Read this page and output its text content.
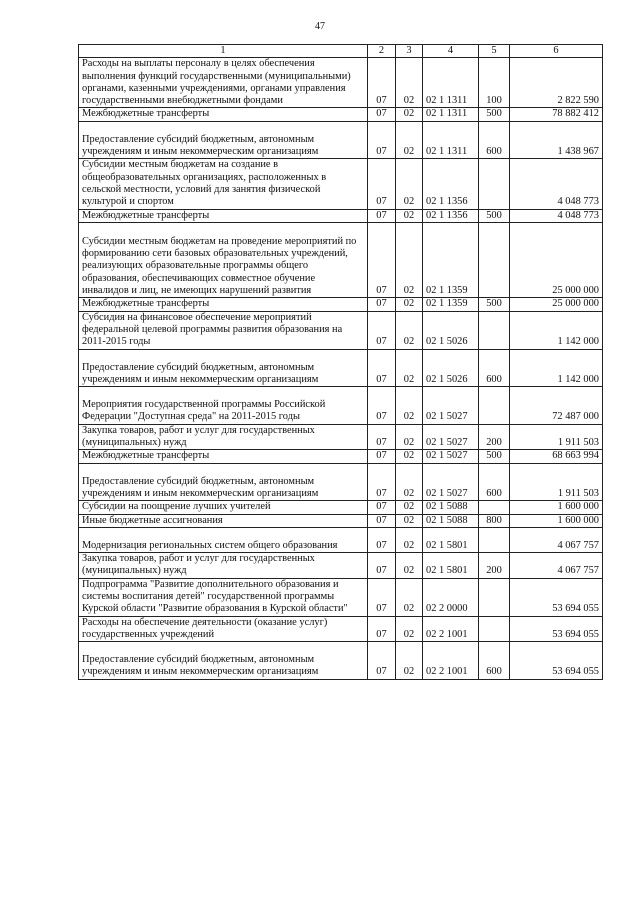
47
1	2	3	4	5	6
Расходы на выплаты персоналу в целях обеспечения выполнения функций государственными (муниципальными) органами, казенными учреждениями, органами управления государственными внебюджетными фондами	07	02	02 1 1311	100	2 822 590
Межбюджетные трансферты	07	02	02 1 1311	500	78 882 412

Предоставление субсидий бюджетным, автономным учреждениям и иным некоммерческим организациям	07	02	02 1 1311	600	1 438 967
Субсидии местным бюджетам на создание в общеобразовательных организациях, расположенных в сельской местности, условий для занятия физической культурой и спортом	07	02	02 1 1356		4 048 773
Межбюджетные трансферты	07	02	02 1 1356	500	4 048 773

Субсидии местным бюджетам на проведение мероприятий по формированию сети базовых образовательных учреждений, реализующих образовательные программы общего образования, обеспечивающих совместное обучение инвалидов и лиц, не имеющих нарушений развития	07	02	02 1 1359		25 000 000
Межбюджетные трансферты	07	02	02 1 1359	500	25 000 000
Субсидия на финансовое обеспечение мероприятий федеральной целевой программы развития образования на 2011-2015 годы	07	02	02 1 5026		1 142 000

Предоставление субсидий бюджетным, автономным учреждениям и иным некоммерческим организациям	07	02	02 1 5026	600	1 142 000

Мероприятия государственной программы Российской Федерации "Доступная среда" на 2011-2015 годы	07	02	02 1 5027		72 487 000
Закупка товаров, работ и услуг для государственных (муниципальных) нужд	07	02	02 1 5027	200	1 911 503
Межбюджетные трансферты	07	02	02 1 5027	500	68 663 994

Предоставление субсидий бюджетным, автономным учреждениям и иным некоммерческим организациям	07	02	02 1 5027	600	1 911 503
Субсидии на поощрение лучших учителей	07	02	02 1 5088		1 600 000
Иные бюджетные ассигнования	07	02	02 1 5088	800	1 600 000

Модернизация региональных систем общего образования	07	02	02 1 5801		4 067 757
Закупка товаров, работ и услуг для государственных (муниципальных) нужд	07	02	02 1 5801	200	4 067 757
Подпрограмма "Развитие дополнительного образования и системы воспитания детей" государственной программы Курской области "Развитие образования в Курской области"	07	02	02 2 0000		53 694 055
Расходы на обеспечение деятельности (оказание услуг) государственных учреждений	07	02	02 2 1001		53 694 055

Предоставление субсидий бюджетным, автономным учреждениям и иным некоммерческим организациям	07	02	02 2 1001	600	53 694 055
